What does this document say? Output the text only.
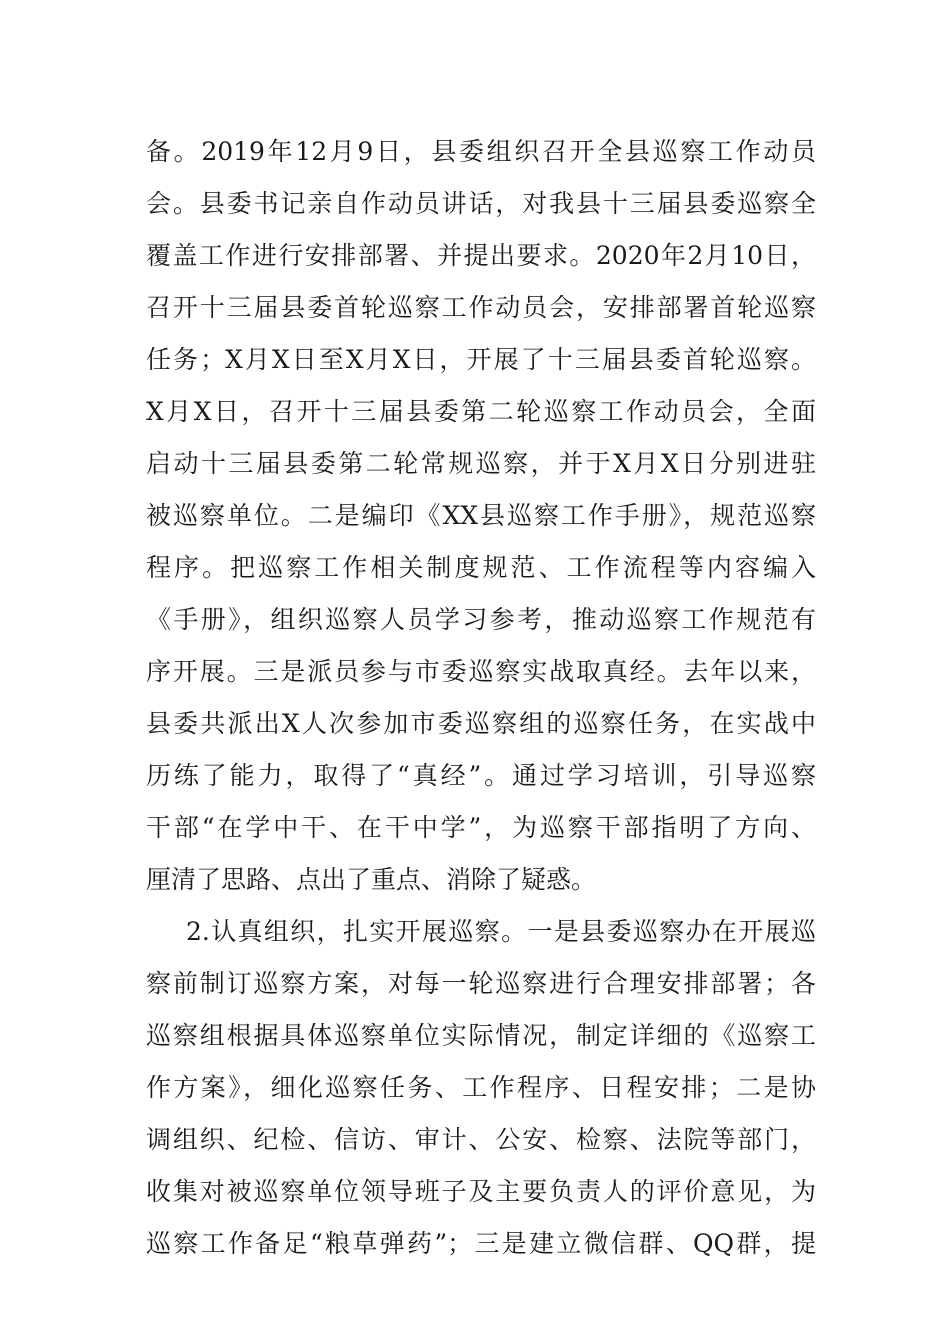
备。2019年12月9日，县委组织召开全县巡察工作动员
会。县委书记亲自作动员讲话，对我县十三届县委巡察全
覆盖工作进行安排部署、并提出要求。2020年2月10日，
召开十三届县委首轮巡察工作动员会，安排部署首轮巡察
任务；X月X日至X月X日，开展了十三届县委首轮巡察。
X月X日，召开十三届县委第二轮巡察工作动员会，全面
启动十三届县委第二轮常规巡察，并于X月X日分别进驻
被巡察单位。二是编印《XX县巡察工作手册》，规范巡察
程序。把巡察工作相关制度规范、工作流程等内容编入
《手册》，组织巡察人员学习参考，推动巡察工作规范有
序开展。三是派员参与市委巡察实战取真经。去年以来，
县委共派出X人次参加市委巡察组的巡察任务，在实战中
历练了能力，取得了“真经”。通过学习培训，引导巡察
干部“在学中干、在干中学”，为巡察干部指明了方向、
厘清了思路、点出了重点、消除了疑惑。
2.认真组织，扎实开展巡察。一是县委巡察办在开展巡
察前制订巡察方案，对每一轮巡察进行合理安排部署；各
巡察组根据具体巡察单位实际情况，制定详细的《巡察工
作方案》，细化巡察任务、工作程序、日程安排；二是协
调组织、纪检、信访、审计、公安、检察、法院等部门，
收集对被巡察单位领导班子及主要负责人的评价意见，为
巡察工作备足“粮草弹药”；三是建立微信群、QQ群，提
